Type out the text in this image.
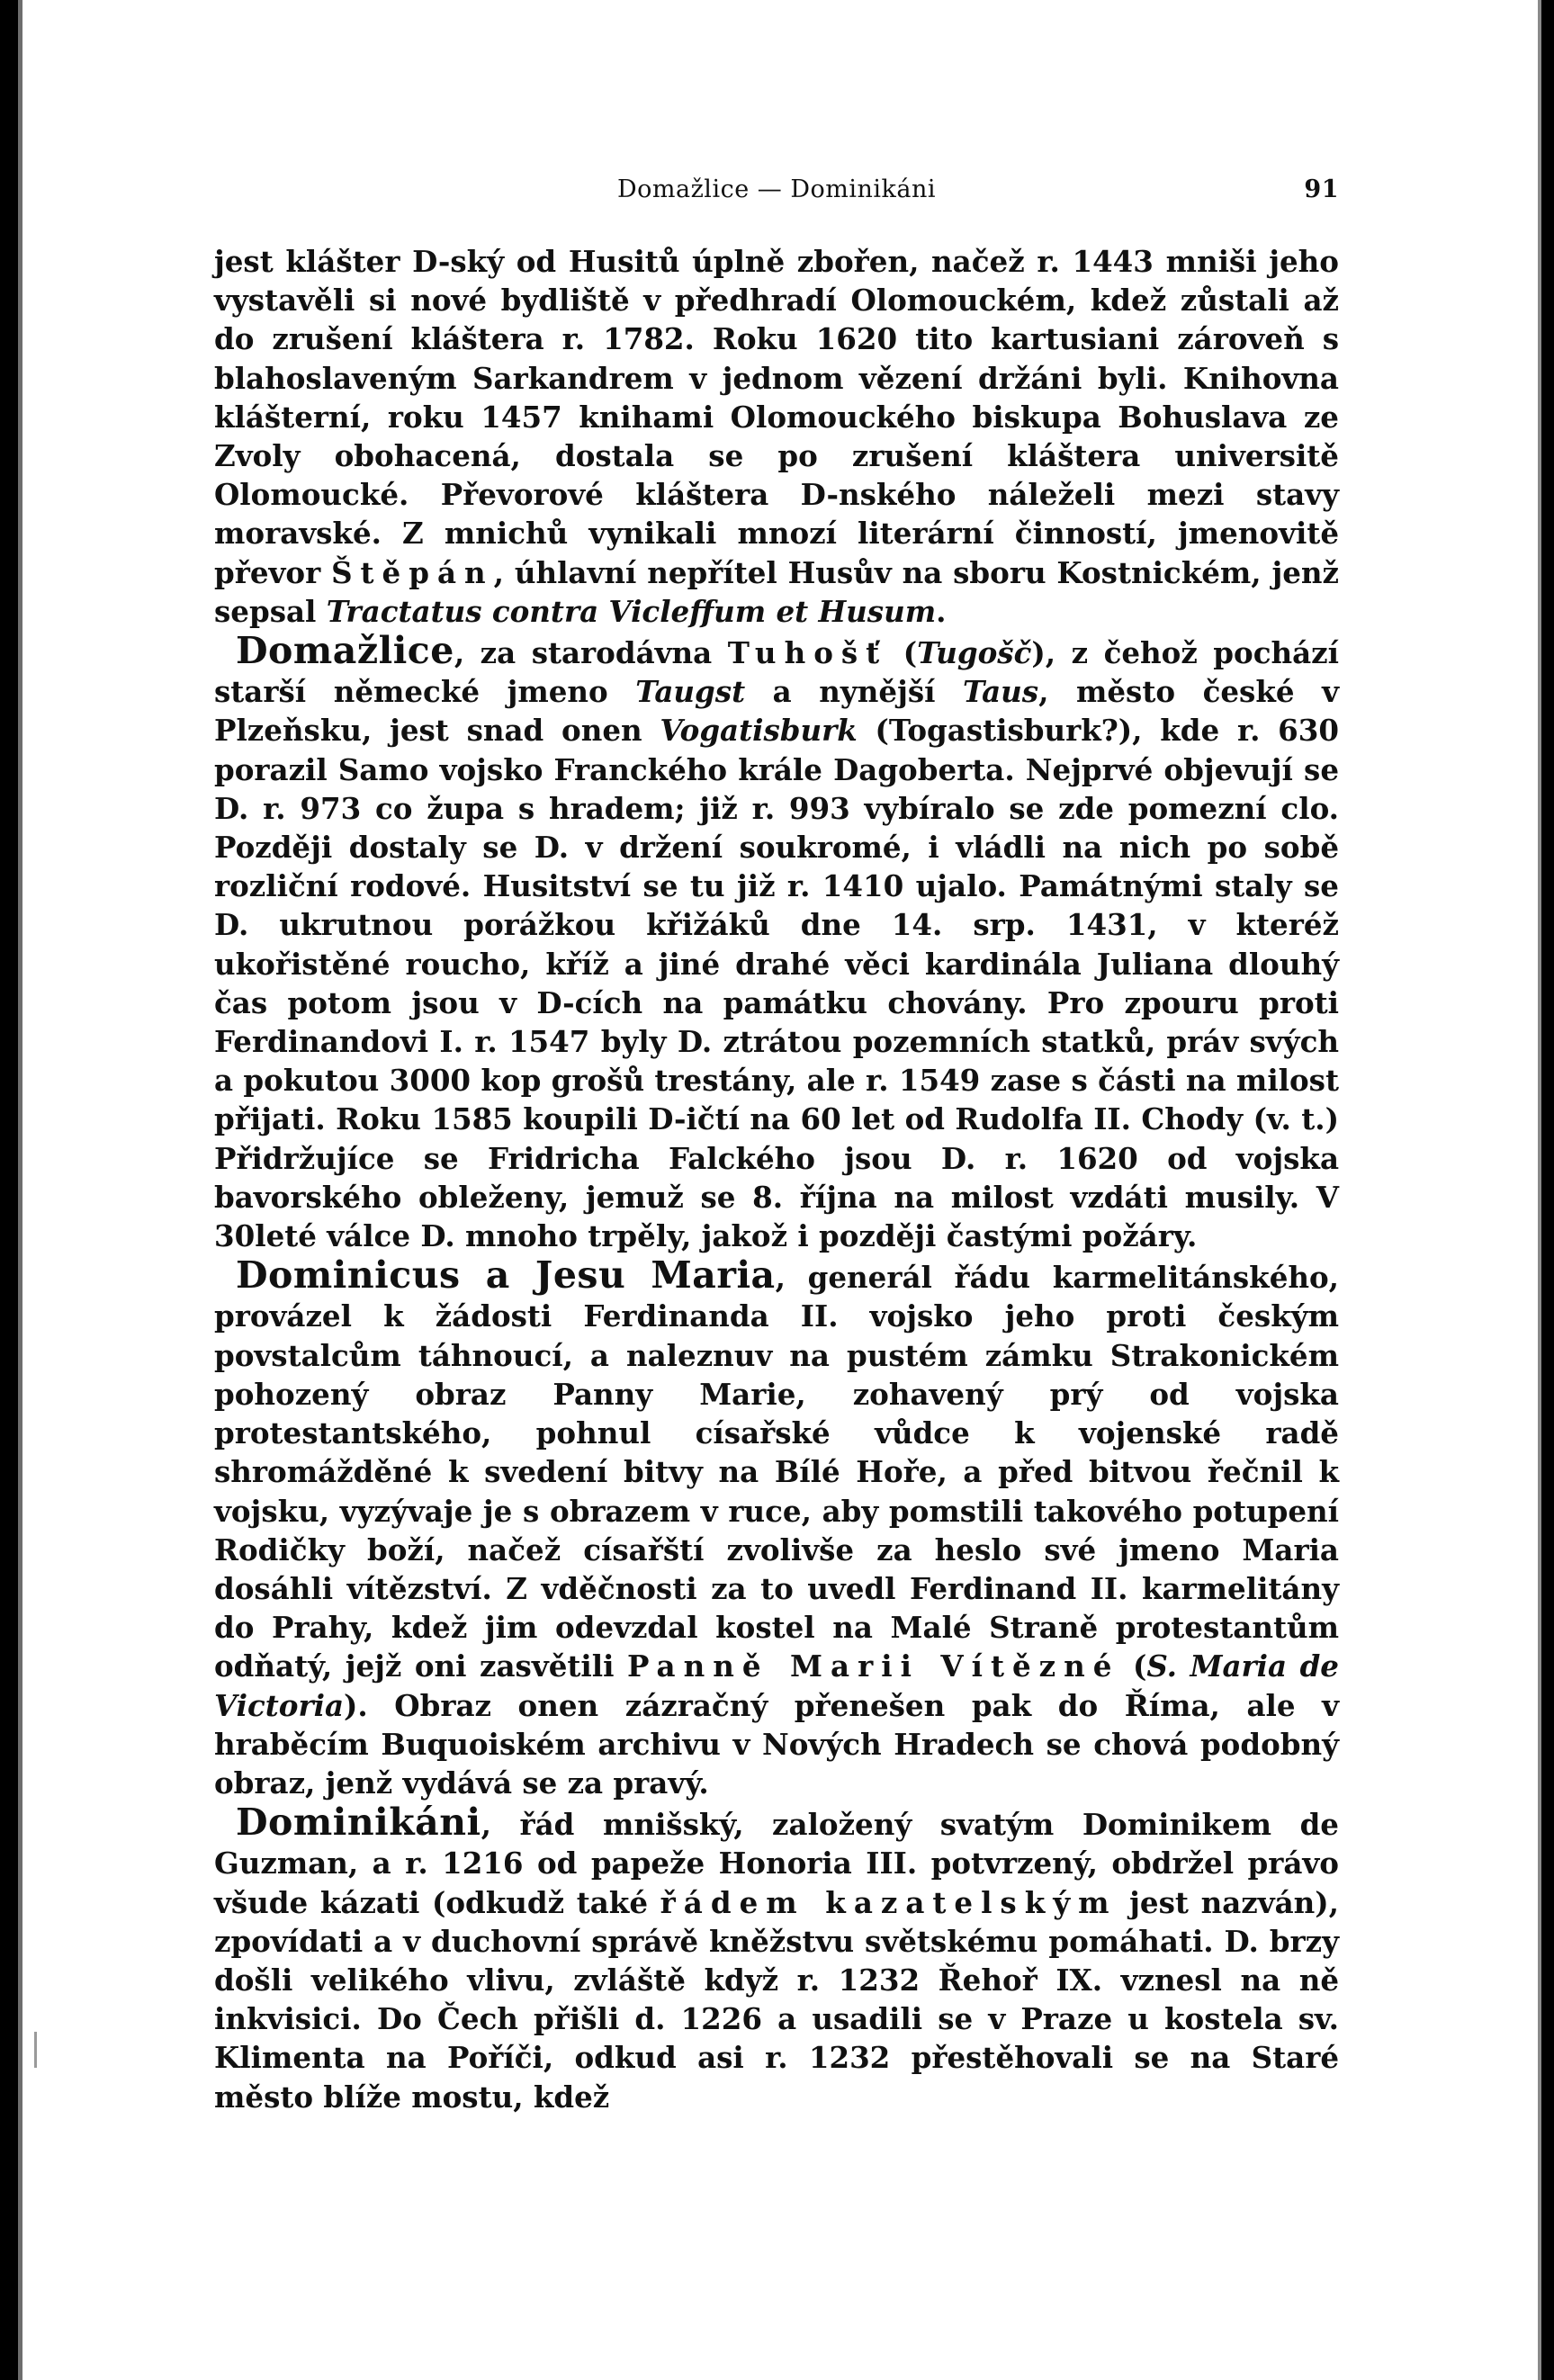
Domažlice — Dominikáni	91

jest klášter D-ský od Husitů úplně zbořen, načež r. 1443 mniši jeho vystavěli si nové bydliště v předhradí Olomouckém, kdež zůstali až do zrušení kláštera r. 1782. Roku 1620 tito kartusiani zároveň s blahoslaveným Sarkandrem v jednom vězení držáni byli. Knihovna klášterní, roku 1457 knihami Olomouckého biskupa Bohuslava ze Zvoly obohacená, dostala se po zrušení kláštera universitě Olomoucké. Převorové kláštera D-nského náleželi mezi stavy moravské. Z mnichů vynikali mnozí literární činností, jmenovitě převor Štěpán, úhlavní nepřítel Husův na sboru Kostnickém, jenž sepsal Tractatus contra Vicleffum et Husum.

Domažlice, za starodávna Tuhošť (Tugošč), z čehož pochází starší německé jmeno Taugst a nynější Taus, město české v Plzeňsku, jest snad onen Vogatisburk (Togastisburk?), kde r. 630 porazil Samo vojsko Franckého krále Dagoberta. Nejprvé objevují se D. r. 973 co župa s hradem; již r. 993 vybíralo se zde pomezní clo. Později dostaly se D. v držení soukromé, i vládli na nich po sobě rozliční rodové. Husitství se tu již r. 1410 ujalo. Památnými staly se D. ukrutnou porážkou křižáků dne 14. srp. 1431, v kteréž ukořistěné roucho, kříž a jiné drahé věci kardinála Juliana dlouhý čas potom jsou v D-cích na památku chovány. Pro zpouru proti Ferdinandovi I. r. 1547 byly D. ztrátou pozemních statků, práv svých a pokutou 3000 kop grošů trestány, ale r. 1549 zase s části na milost přijati. Roku 1585 koupili D-ičtí na 60 let od Rudolfa II. Chody (v. t.) Přidržujíce se Fridricha Falckého jsou D. r. 1620 od vojska bavorského obleženy, jemuž se 8. října na milost vzdáti musily. V 30leté válce D. mnoho trpěly, jakož i později častými požáry.

Dominicus a Jesu Maria, generál řádu karmelitánského, provázel k žádosti Ferdinanda II. vojsko jeho proti českým povstalcům táhnoucí, a naleznuv na pustém zámku Strakonickém pohozený obraz Panny Marie, zohavený prý od vojska protestantského, pohnul císařské vůdce k vojenské radě shromážděné k svedení bitvy na Bílé Hoře, a před bitvou řečnil k vojsku, vyzývaje je s obrazem v ruce, aby pomstili takového potupení Rodičky boží, načež císařští zvolivše za heslo své jmeno Maria dosáhli vítězství. Z vděčnosti za to uvedl Ferdinand II. karmelitány do Prahy, kdež jim odevzdal kostel na Malé Straně protestantům odňatý, jejž oni zasvětili Panně Marii Vítězné (S. Maria de Victoria). Obraz onen zázračný přenešen pak do Říma, ale v hraběcím Buquoiském archivu v Nových Hradech se chová podobný obraz, jenž vydává se za pravý.

Dominikáni, řád mnišský, založený svatým Dominikem de Guzman, a r. 1216 od papeže Honoria III. potvrzený, obdržel právo všude kázati (odkudž také řádem kazatelským jest nazván), zpovídati a v duchovní správě kněžstvu světskému pomáhati. D. brzy došli velikého vlivu, zvláště když r. 1232 Řehoř IX. vznesl na ně inkvisici. Do Čech přišli d. 1226 a usadili se v Praze u kostela sv. Klimenta na Poříči, odkud asi r. 1232 přestěhovali se na Staré město blíže mostu, kdež
